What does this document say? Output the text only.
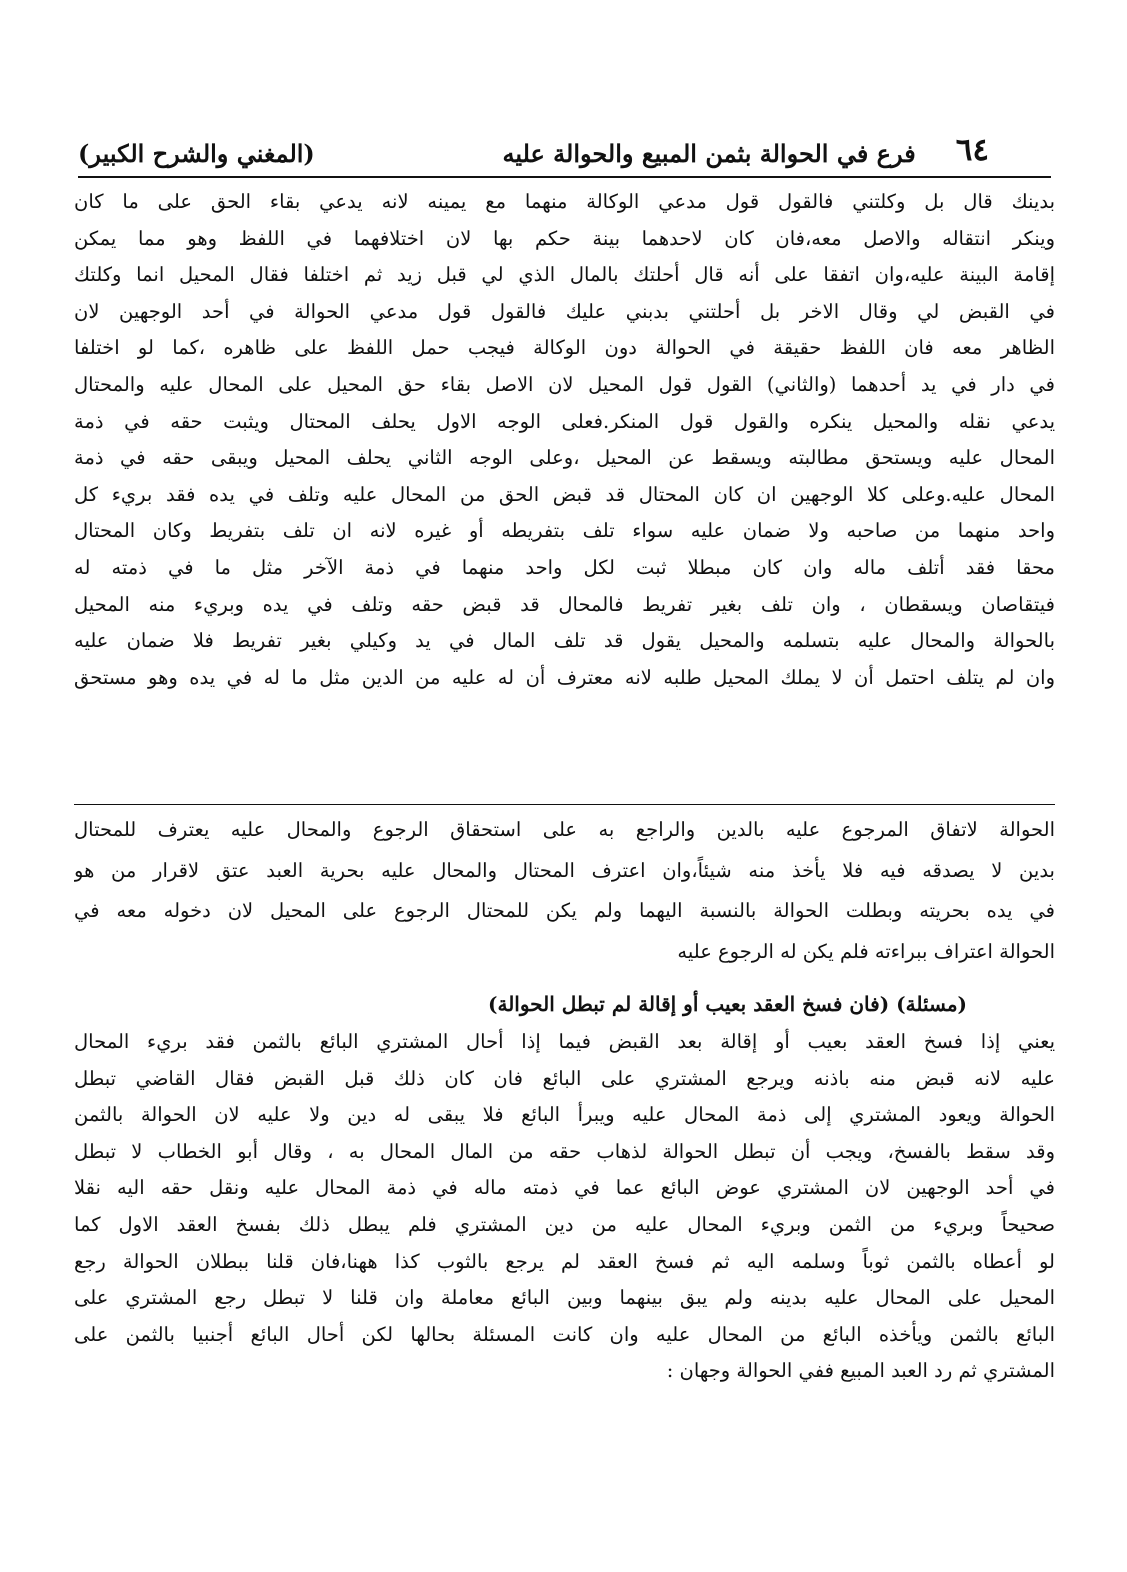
٦٤
فرع في الحوالة بثمن المبيع والحوالة عليه
(المغني والشرح الكبير)
بدينك قال بل وكلتني فالقول قول مدعي الوكالة منهما مع يمينه لانه يدعي بقاء الحق على ما كان
وينكر انتقاله والاصل معه،فان كان لاحدهما بينة حكم بها لان اختلافهما في اللفظ وهو مما يمكن
إقامة البينة عليه،وان اتفقا على أنه قال أحلتك بالمال الذي لي قبل زيد ثم اختلفا فقال المحيل انما وكلتك
في القبض لي وقال الاخر بل أحلتني بدبني عليك فالقول قول مدعي الحوالة في أحد الوجهين لان
الظاهر معه فان اللفظ حقيقة في الحوالة دون الوكالة فيجب حمل اللفظ على ظاهره ،كما لو اختلفا
في دار في يد أحدهما (والثاني) القول قول المحيل لان الاصل بقاء حق المحيل على المحال عليه والمحتال
يدعي نقله والمحيل ينكره والقول قول المنكر.فعلى الوجه الاول يحلف المحتال ويثبت حقه في ذمة
المحال عليه ويستحق مطالبته ويسقط عن المحيل ،وعلى الوجه الثاني يحلف المحيل ويبقى حقه في ذمة
المحال عليه.وعلى كلا الوجهين ان كان المحتال قد قبض الحق من المحال عليه وتلف في يده فقد بريء كل
واحد منهما من صاحبه ولا ضمان عليه سواء تلف بتفريطه أو غيره لانه ان تلف بتفريط وكان المحتال
محقا فقد أتلف ماله وان كان مبطلا ثبت لكل واحد منهما في ذمة الآخر مثل ما في ذمته له
فيتقاصان ويسقطان ، وان تلف بغير تفريط فالمحال قد قبض حقه وتلف في يده وبريء منه المحيل
بالحوالة والمحال عليه بتسلمه والمحيل يقول قد تلف المال في يد وكيلي بغير تفريط فلا ضمان عليه
وان لم يتلف احتمل أن لا يملك المحيل طلبه لانه معترف أن له عليه من الدين مثل ما له في يده وهو مستحق
الحوالة لاتفاق المرجوع عليه بالدين والراجع به على استحقاق الرجوع والمحال عليه يعترف للمحتال
بدين لا يصدقه فيه فلا يأخذ منه شيئاً،وان اعترف المحتال والمحال عليه بحرية العبد عتق لاقرار من هو
في يده بحريته وبطلت الحوالة بالنسبة اليهما ولم يكن للمحتال الرجوع على المحيل لان دخوله معه في
الحوالة اعتراف ببراءته فلم يكن له الرجوع عليه
(مسئلة) (فان فسخ العقد بعيب أو إقالة لم تبطل الحوالة)
يعني إذا فسخ العقد بعيب أو إقالة بعد القبض فيما إذا أحال المشتري البائع بالثمن فقد بريء المحال
عليه لانه قبض منه باذنه ويرجع المشتري على البائع فان كان ذلك قبل القبض فقال القاضي تبطل
الحوالة ويعود المشتري إلى ذمة المحال عليه ويبرأ البائع فلا يبقى له دين ولا عليه لان الحوالة بالثمن
وقد سقط بالفسخ، ويجب أن تبطل الحوالة لذهاب حقه من المال المحال به ، وقال أبو الخطاب لا تبطل
في أحد الوجهين لان المشتري عوض البائع عما في ذمته ماله في ذمة المحال عليه ونقل حقه اليه نقلا
صحيحاً وبريء من الثمن وبريء المحال عليه من دين المشتري فلم يبطل ذلك بفسخ العقد الاول كما
لو أعطاه بالثمن ثوباً وسلمه اليه ثم فسخ العقد لم يرجع بالثوب كذا ههنا،فان قلنا ببطلان الحوالة رجع
المحيل على المحال عليه بدينه ولم يبق بينهما وبين البائع معاملة وان قلنا لا تبطل رجع المشتري على
البائع بالثمن ويأخذه البائع من المحال عليه وان كانت المسئلة بحالها لكن أحال البائع أجنبيا بالثمن على
المشتري ثم رد العبد المبيع ففي الحوالة وجهان :
